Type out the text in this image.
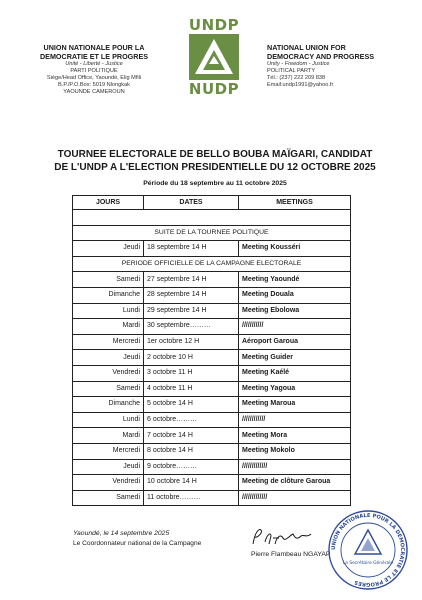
UNION NATIONALE POUR LA
DEMOCRATIE ET LE PROGRES
Unité - Liberté - Justice
PARTI POLITIQUE
Siège/Head Office, Yaoundé, Elig Mfili
B.P./P.O.Box: 5019 Nlongkak
YAOUNDE CAMEROUN
UNDP
NUDP
NATIONAL UNION FOR
DEMOCRACY AND PROGRESS
Unity - Freedom - Justice
POLITICAL PARTY
Tél.: (237) 222 209 838
Email:undp1991@yahoo.fr
TOURNEE ELECTORALE DE BELLO BOUBA MAÏGARI, CANDIDAT
DE L'UNDP A L'ELECTION PRESIDENTIELLE DU 12 OCTOBRE 2025
Période du 18 septembre au 11 octobre 2025
JOURS	DATES	MEETINGS

SUITE DE LA TOURNEE POLITIQUE		
Jeudi	18 septembre 14 H	Meeting Kousséri
PERIODE OFFICIELLE DE LA CAMPAGNE ELECTORALE		
Samedi	27 septembre 14 H	Meeting Yaoundé
Dimanche	28 septembre 14 H	Meeting Douala
Lundi	29 septembre 14 H	Meeting Ebolowa
Mardi	30 septembre………	///////////
Mercredi	1er octobre 12 H	Aéroport Garoua
Jeudi	2 octobre 10 H	Meeting Guider
Vendredi	3 octobre 11 H	Meeting Kaélé
Samedi	4 octobre 11 H	Meeting Yagoua
Dimanche	5 octobre 14 H	Meeting Maroua
Lundi	6 octobre………	////////////
Mardi	7 octobre 14 H	Meeting Mora
Mercredi	8 octobre 14 H	Meeting Mokolo
Jeudi	9 octobre………	/////////////
Vendredi	10 octobre 14 H	Meeting de clôture Garoua
Samedi	11 octobre………	/////////////
Yaoundé, le 14 septembre 2025
Le Coordonnateur national de la Campagne
Pierre Flambeau NGAYAP
UNION NATIONALE POUR LA DEMOCRATIE ET LE PROGRES
La Secrétaire Générale
